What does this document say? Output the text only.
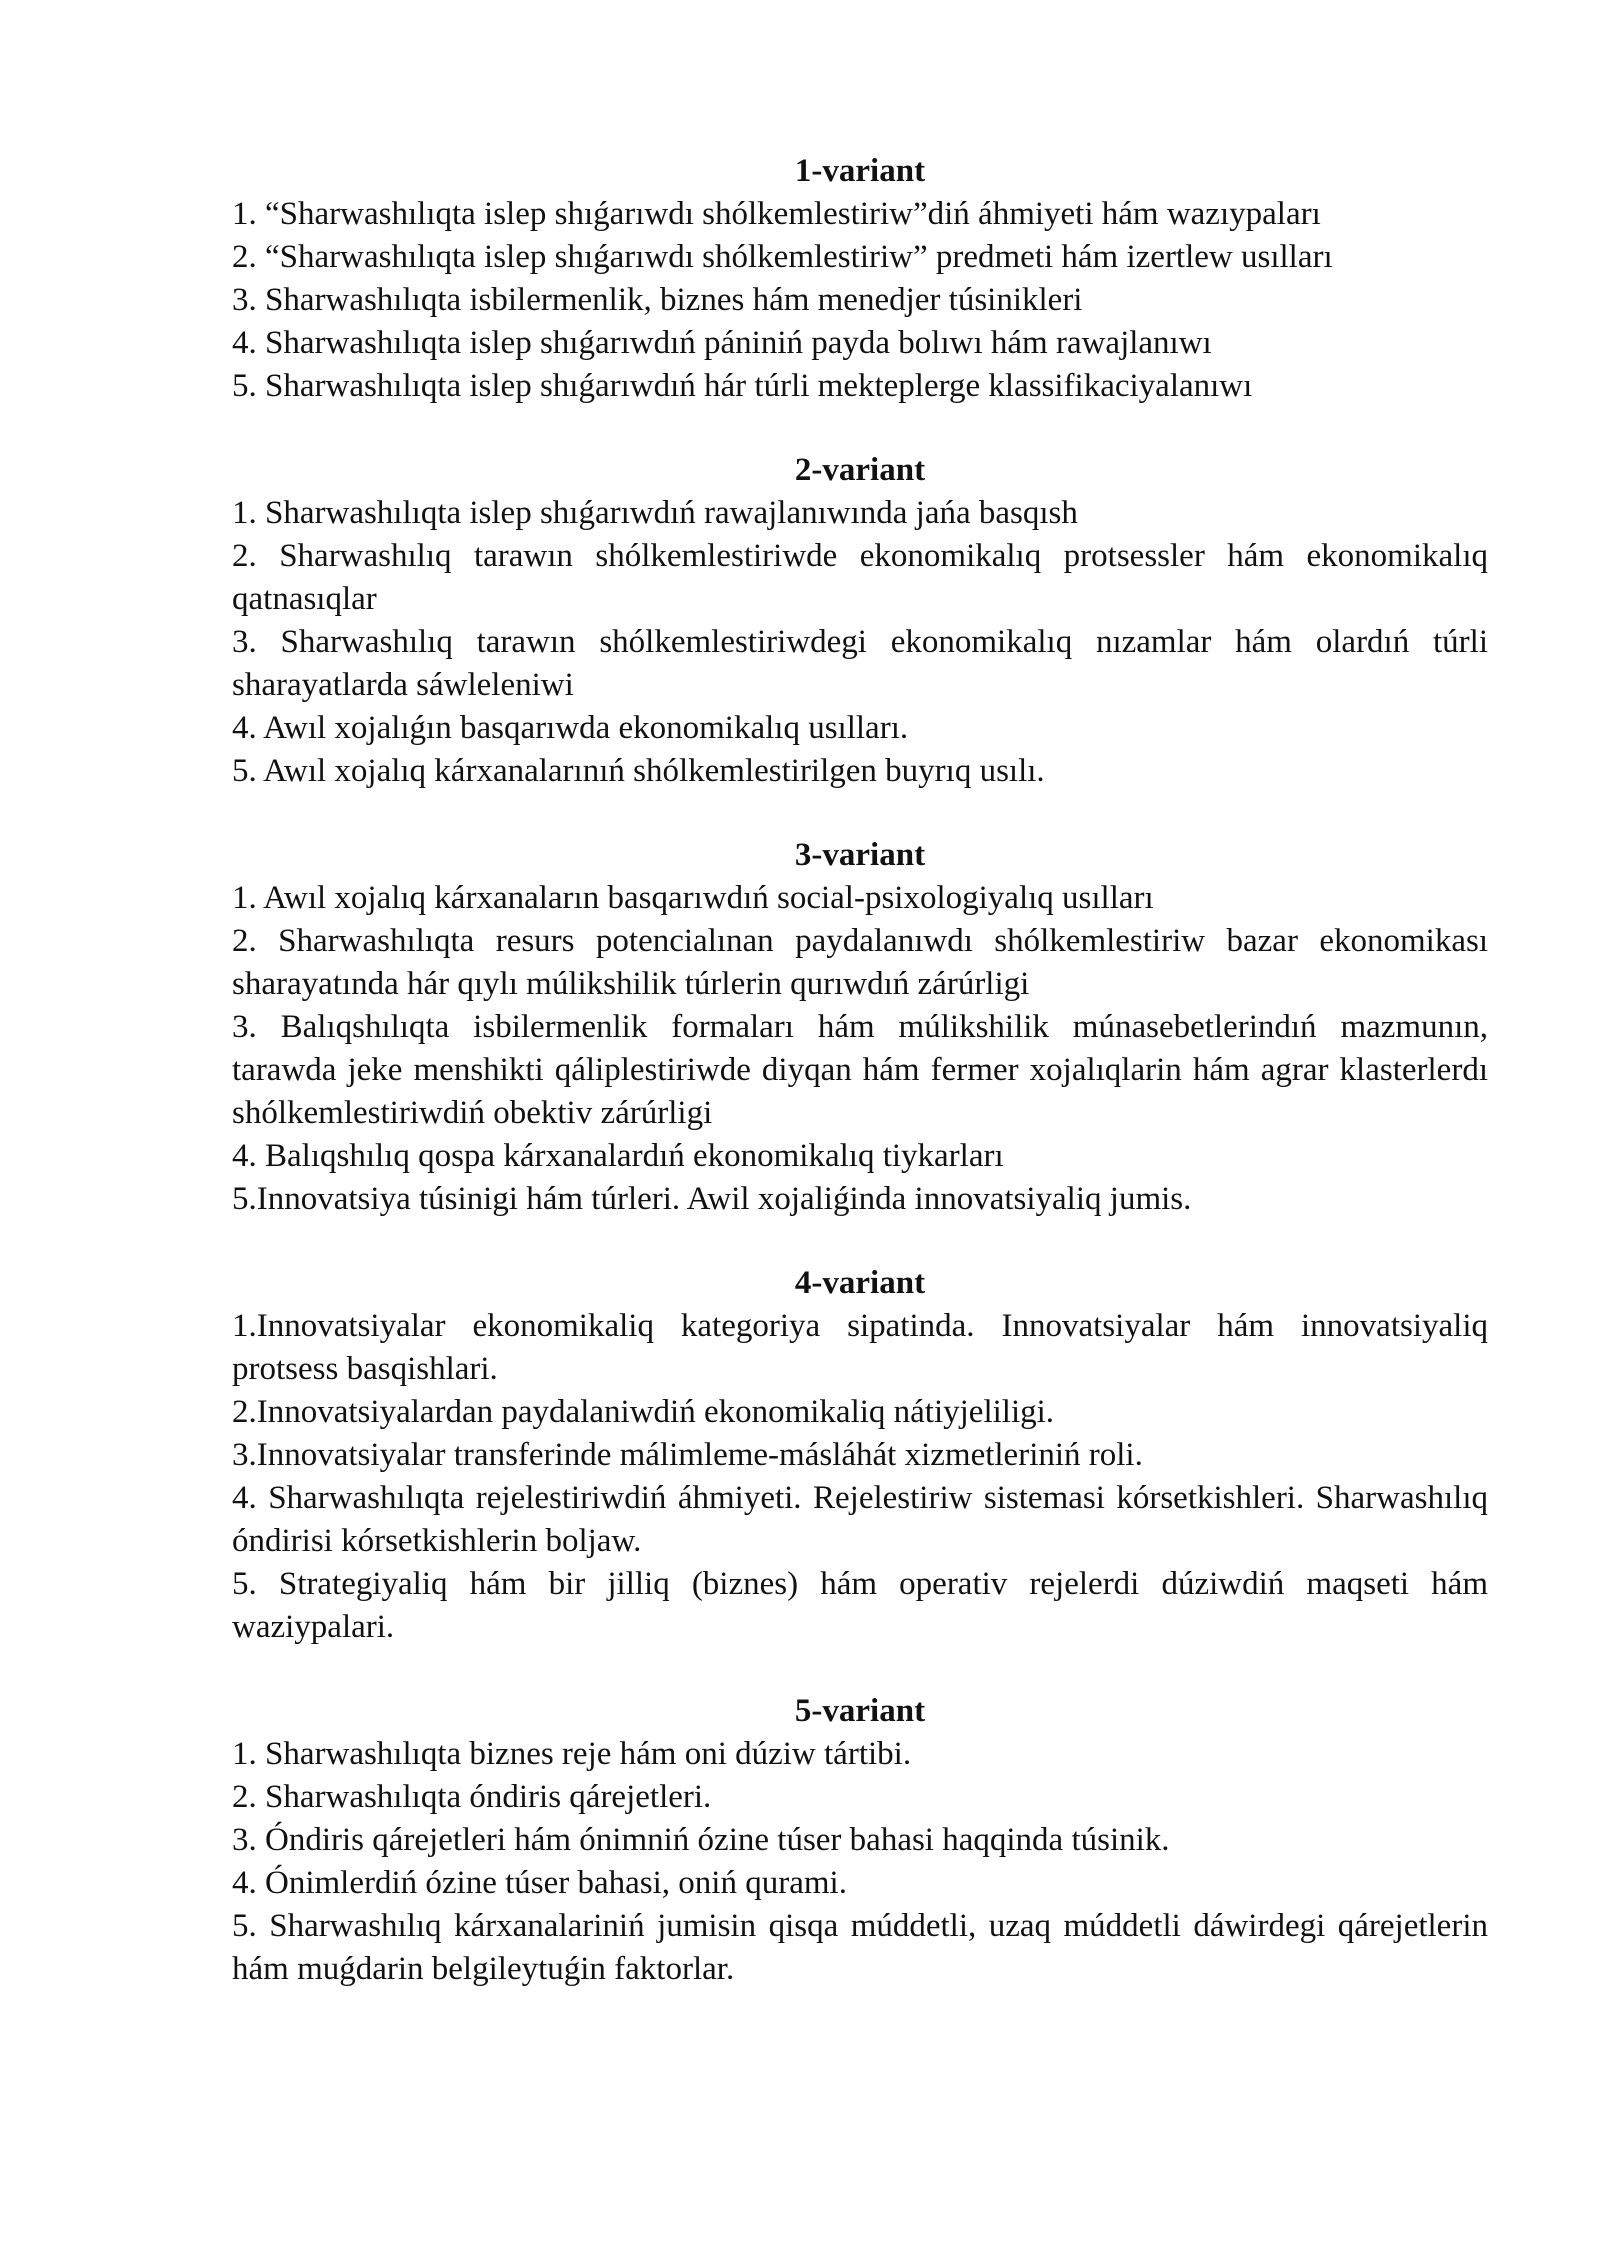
1-variant

1. “Sharwashılıqta islep shıǵarıwdı shólkemlestiriw”diń áhmiyeti hám wazıypaları

2. “Sharwashılıqta islep shıǵarıwdı shólkemlestiriw” predmeti hám izertlew usılları

3. Sharwashılıqta isbilermenlik, biznes hám menedjer túsinikleri

4. Sharwashılıqta islep shıǵarıwdıń pániniń payda bolıwı hám rawajlanıwı

5. Sharwashılıqta islep shıǵarıwdıń hár túrli mekteplerge klassifikaciyalanıwı

2-variant

1. Sharwashılıqta islep shıǵarıwdıń rawajlanıwında jańa basqısh

2. Sharwashılıq tarawın shólkemlestiriwde ekonomikalıq protsessler hám ekonomikalıq qatnasıqlar

3. Sharwashılıq tarawın shólkemlestiriwdegi ekonomikalıq nızamlar hám olardıń túrli sharayatlarda sáwleleniwi

4. Awıl xojalıǵın basqarıwda ekonomikalıq usılları.

5. Awıl xojalıq kárxanalarınıń shólkemlestirilgen buyrıq usılı.

3-variant

1. Awıl xojalıq kárxanaların basqarıwdıń social-psixologiyalıq usılları

2. Sharwashılıqta resurs potencialınan paydalanıwdı shólkemlestiriw bazar ekonomikası sharayatında hár qıylı múlikshilik túrlerin qurıwdıń zárúrligi

3. Balıqshılıqta isbilermenlik formaları hám múlikshilik múnasebetlerindıń mazmunın, tarawda jeke menshikti qáliplestiriwde diyqan hám fermer xojalıqlarin hám agrar klasterlerdı shólkemlestiriwdiń obektiv zárúrligi

4. Balıqshılıq qospa kárxanalardıń ekonomikalıq tiykarları

5.Innovatsiya túsinigi hám túrleri. Awil xojaliǵinda innovatsiyaliq jumis.

4-variant

1.Innovatsiyalar ekonomikaliq kategoriya sipatinda. Innovatsiyalar hám innovatsiyaliq protsess basqishlari.

2.Innovatsiyalardan paydalaniwdiń ekonomikaliq nátiyjeliligi.

3.Innovatsiyalar transferinde málimleme-másláhát xizmetleriniń roli.

4. Sharwashılıqta rejelestiriwdiń áhmiyeti. Rejelestiriw sistemasi kórsetkishleri. Sharwashılıq óndirisi kórsetkishlerin boljaw.

5. Strategiyaliq hám bir jilliq (biznes) hám operativ rejelerdi dúziwdiń maqseti hám waziypalari.

5-variant

1. Sharwashılıqta biznes reje hám oni dúziw tártibi.

2. Sharwashılıqta óndiris qárejetleri.

3. Óndiris qárejetleri hám ónimniń ózine túser bahasi haqqinda túsinik.

4. Ónimlerdiń ózine túser bahasi, oniń qurami.

5. Sharwashılıq kárxanalariniń jumisin qisqa múddetli, uzaq múddetli dáwirdegi qárejetlerin hám muǵdarin belgileytuǵin faktorlar.
